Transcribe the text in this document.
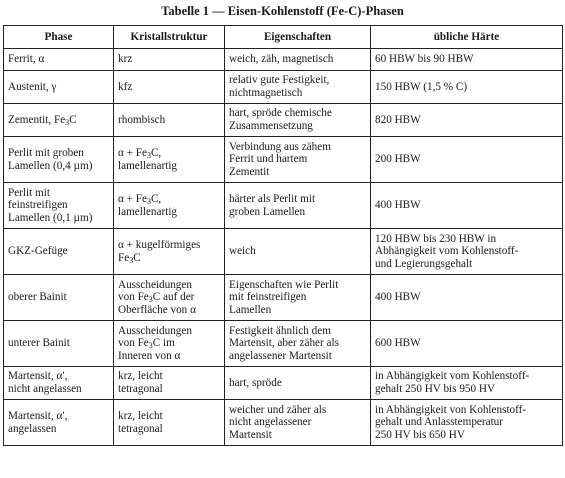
Tabelle 1 — Eisen-Kohlenstoff (Fe-C)-Phasen
Phase	Kristallstruktur	Eigenschaften	übliche Härte

Ferrit, α	krz	weich, zäh, magnetisch	60 HBW bis 90 HBW

Austenit, γ	kfz	relativ gute Festigkeit,
nichtmagnetisch	150 HBW (1,5 % C)

Zementit, $Fe_3C$	rhombisch	hart, spröde chemische
Zusammensetzung	820 HBW

Perlit mit groben
Lamellen (0,4 µm)	$\alpha + Fe_3C$,
lamellenartig	Verbindung aus zähem
Ferrit und hartem
Zementit	200 HBW

Perlit mit
feinstreifigen
Lamellen (0,1 µm)	$\alpha + Fe_3C$,
lamellenartig	härter als Perlit mit
groben Lamellen	400 HBW

GKZ-Gefüge	α + kugelförmiges
$Fe_3C$	weich	120 HBW bis 230 HBW in
Abhängigkeit vom Kohlenstoff-
und Legierungsgehalt

oberer Bainit	Ausscheidungen
von $Fe_3C$ auf der
Oberfläche von α	Eigenschaften wie Perlit
mit feinstreifigen
Lamellen	400 HBW

unterer Bainit	Ausscheidungen
von $Fe_3C$ im
Inneren von α	Festigkeit ähnlich dem
Martensit, aber zäher als
angelassener Martensit	600 HBW

Martensit, α′,
nicht angelassen	krz, leicht
tetragonal	hart, spröde	in Abhängigkeit vom Kohlenstoff-
gehalt 250 HV bis 950 HV

Martensit, α′,
angelassen	krz, leicht
tetragonal	weicher und zäher als
nicht angelassener
Martensit	in Abhängigkeit von Kohlenstoff-
gehalt und Anlasstemperatur
250 HV bis 650 HV
